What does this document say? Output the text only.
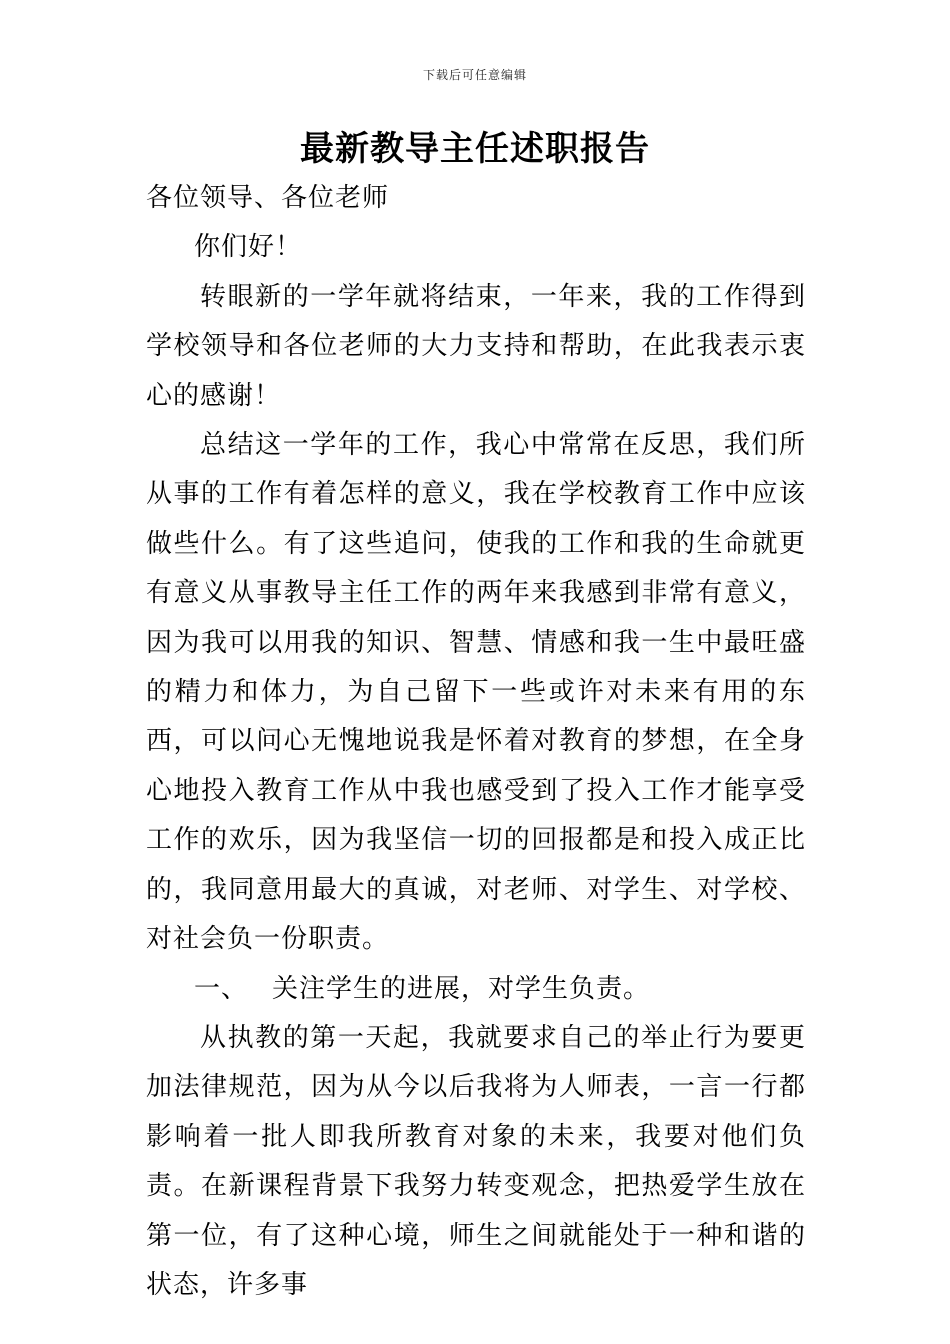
下载后可任意编辑
最新教导主任述职报告

各位领导、各位老师

你们好！

转眼新的一学年就将结束，一年来，我的工作得到学校领导和各位老师的大力支持和帮助，在此我表示衷心的感谢！

总结这一学年的工作，我心中常常在反思，我们所从事的工作有着怎样的意义，我在学校教育工作中应该做些什么。有了这些追问，使我的工作和我的生命就更有意义从事教导主任工作的两年来我感到非常有意义，因为我可以用我的知识、智慧、情感和我一生中最旺盛的精力和体力，为自己留下一些或许对未来有用的东西，可以问心无愧地说我是怀着对教育的梦想，在全身心地投入教育工作从中我也感受到了投入工作才能享受工作的欢乐，因为我坚信一切的回报都是和投入成正比的，我同意用最大的真诚，对老师、对学生、对学校、对社会负一份职责。

一、 关注学生的进展，对学生负责。

从执教的第一天起，我就要求自己的举止行为要更加法律规范，因为从今以后我将为人师表，一言一行都影响着一批人即我所教育对象的未来，我要对他们负责。在新课程背景下我努力转变观念，把热爱学生放在第一位，有了这种心境，师生之间就能处于一种和谐的状态，许多事
